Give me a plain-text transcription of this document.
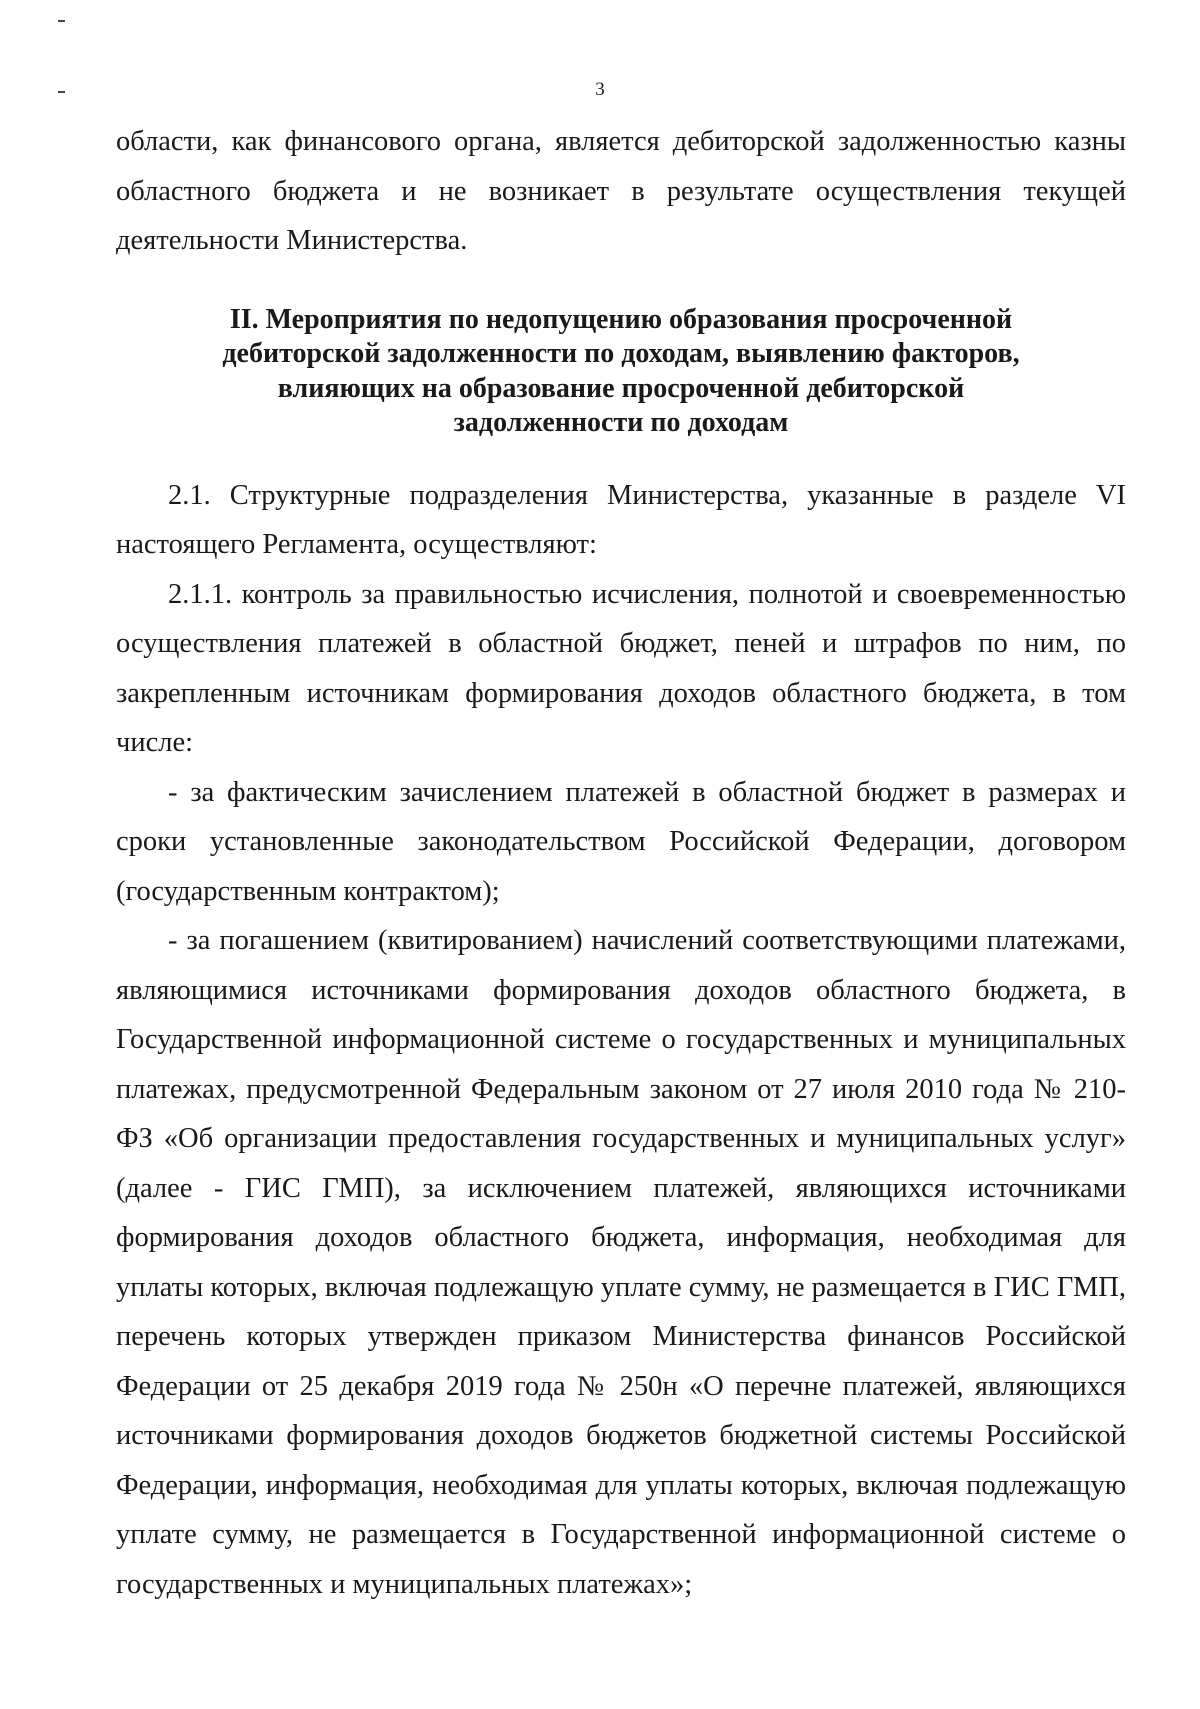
3

области, как финансового органа, является дебиторской задолженностью казны областного бюджета и не возникает в результате осуществления текущей деятельности Министерства.

II. Мероприятия по недопущению образования просроченной
дебиторской задолженности по доходам, выявлению факторов,
влияющих на образование просроченной дебиторской
задолженности по доходам

2.1. Структурные подразделения Министерства, указанные в разделе VI настоящего Регламента, осуществляют:

2.1.1. контроль за правильностью исчисления, полнотой и своевременностью осуществления платежей в областной бюджет, пеней и штрафов по ним, по закрепленным источникам формирования доходов областного бюджета, в том числе:

- за фактическим зачислением платежей в областной бюджет в размерах и сроки установленные законодательством Российской Федерации, договором (государственным контрактом);

- за погашением (квитированием) начислений соответствующими платежами, являющимися источниками формирования доходов областного бюджета, в Государственной информационной системе о государственных и муниципальных платежах, предусмотренной Федеральным законом от 27 июля 2010 года № 210-ФЗ «Об организации предоставления государственных и муниципальных услуг» (далее - ГИС ГМП), за исключением платежей, являющихся источниками формирования доходов областного бюджета, информация, необходимая для уплаты которых, включая подлежащую уплате сумму, не размещается в ГИС ГМП, перечень которых утвержден приказом Министерства финансов Российской Федерации от 25 декабря 2019 года № 250н «О перечне платежей, являющихся источниками формирования доходов бюджетов бюджетной системы Российской Федерации, информация, необходимая для уплаты которых, включая подлежащую уплате сумму, не размещается в Государственной информационной системе о государственных и муниципальных платежах»;
